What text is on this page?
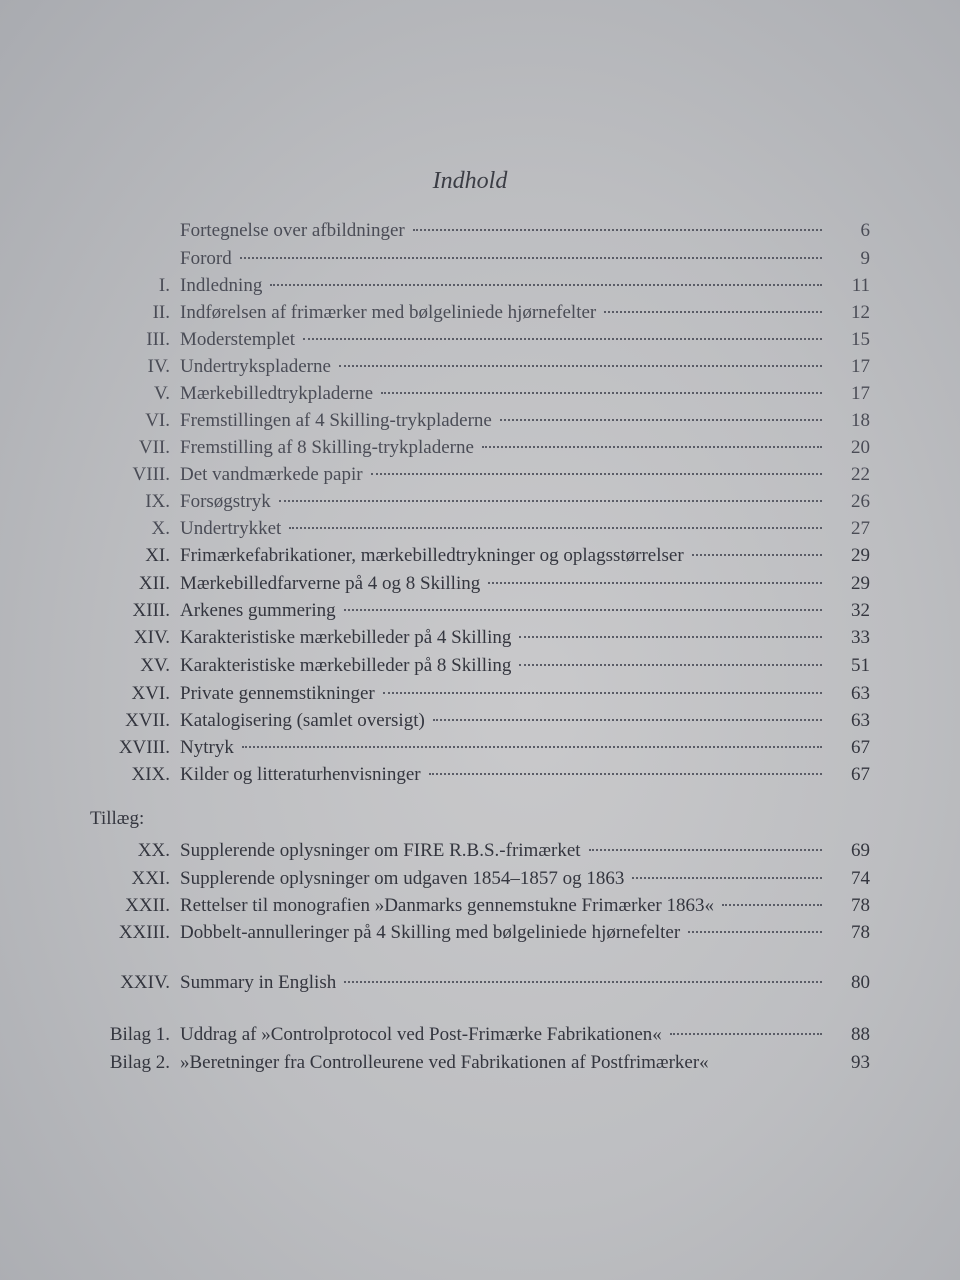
Indhold
Fortegnelse over afbildninger	6
Forord	9
I. Indledning	11
II. Indførelsen af frimærker med bølgeliniede hjørnefelter	12
III. Moderstemplet	15
IV. Undertrykspladerne	17
V. Mærkebilledtrykpladerne	17
VI. Fremstillingen af 4 Skilling-trykpladerne	18
VII. Fremstilling af 8 Skilling-trykpladerne	20
VIII. Det vandmærkede papir	22
IX. Forsøgstryk	26
X. Undertrykket	27
XI. Frimærkefabrikationer, mærkebilledtrykninger og oplagsstørrelser	29
XII. Mærkebilledfarverne på 4 og 8 Skilling	29
XIII. Arkenes gummering	32
XIV. Karakteristiske mærkebilleder på 4 Skilling	33
XV. Karakteristiske mærkebilleder på 8 Skilling	51
XVI. Private gennemstikninger	63
XVII. Katalogisering (samlet oversigt)	63
XVIII. Nytryk	67
XIX. Kilder og litteraturhenvisninger	67
XX. Supplerende oplysninger om FIRE R.B.S.-frimærket	69
XXI. Supplerende oplysninger om udgaven 1854–1857 og 1863	74
XXII. Rettelser til monografien »Danmarks gennemstukne Frimærker 1863«	78
XXIII. Dobbelt-annulleringer på 4 Skilling med bølgeliniede hjørnefelter	78
XXIV. Summary in English	80
Bilag 1. Uddrag af »Controlprotocol ved Post-Frimærke Fabrikationen«	88
Bilag 2. »Beretninger fra Controlleurene ved Fabrikationen af Postfrimærker«	93
Tillæg:
